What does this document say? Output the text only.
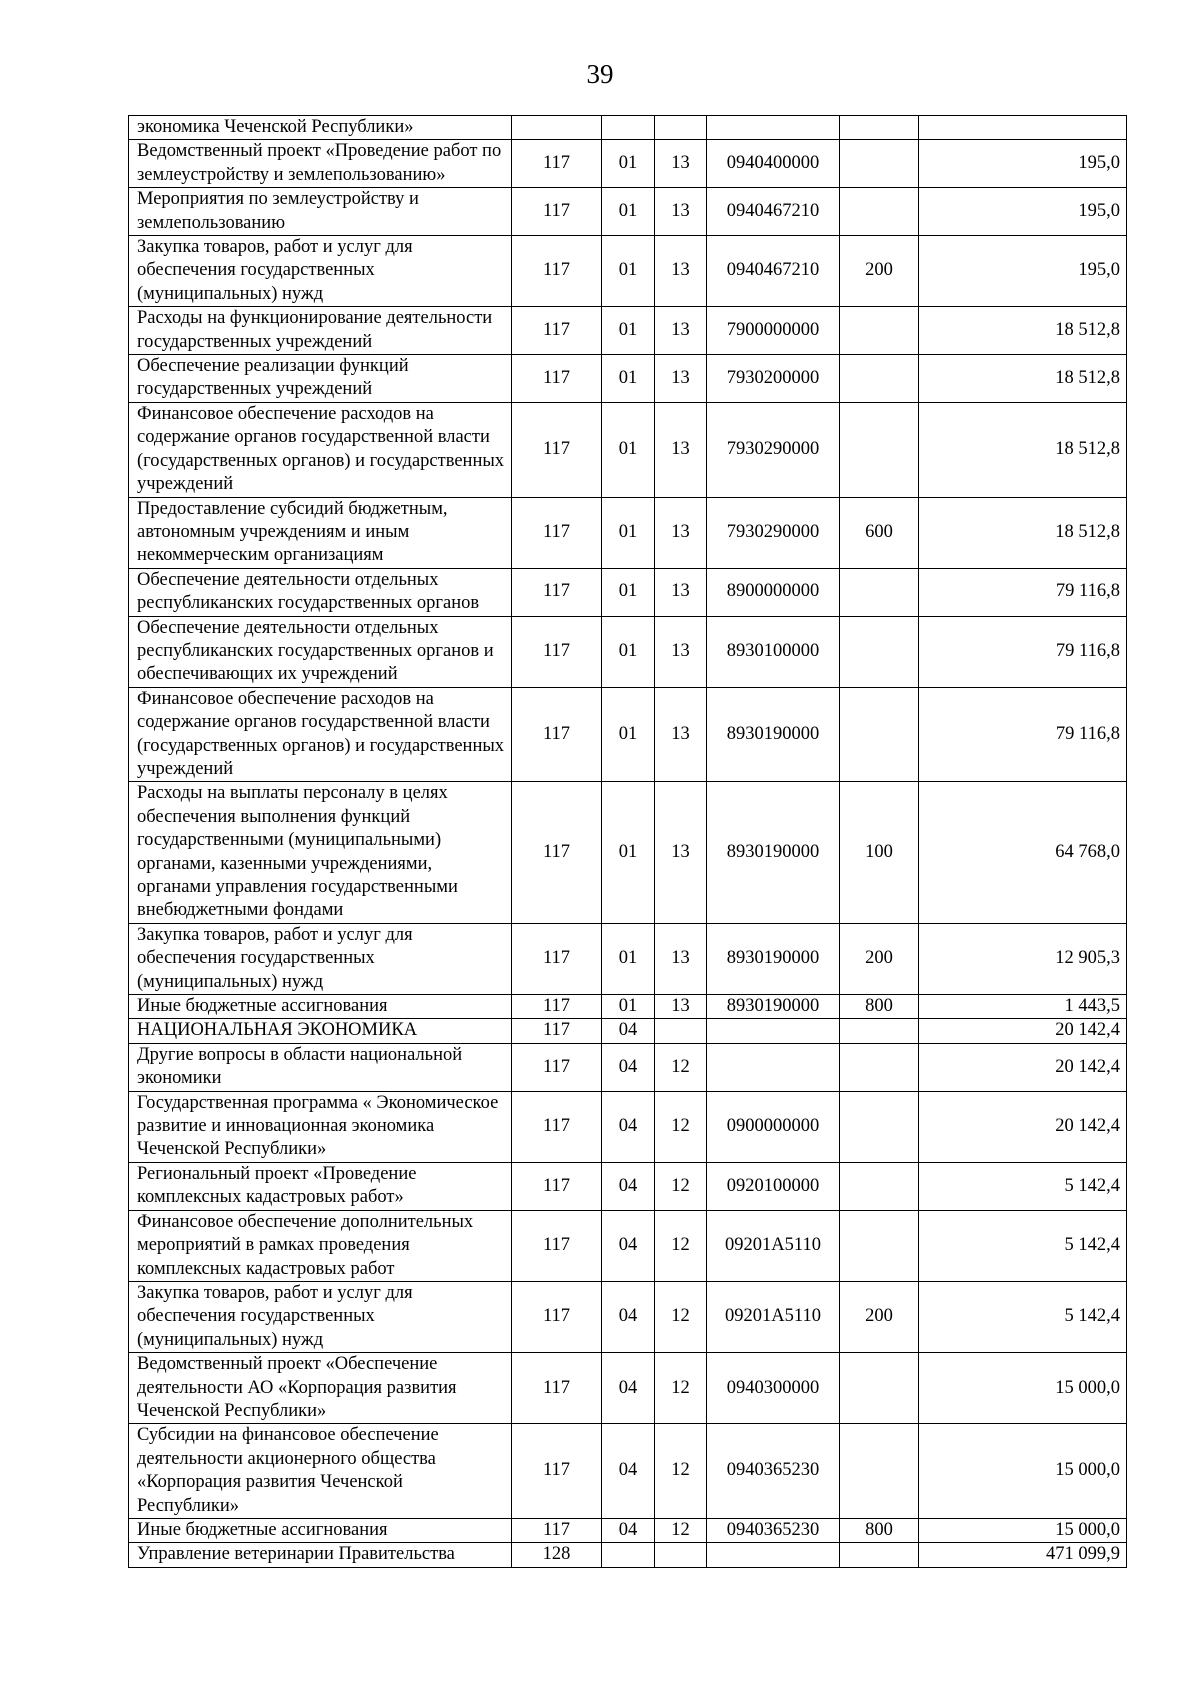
39
экономика Чеченской Республики»						
Ведомственный проект «Проведение работ по землеустройству и землепользованию»	117	01	13	0940400000		195,0
Мероприятия по землеустройству и землепользованию	117	01	13	0940467210		195,0
Закупка товаров, работ и услуг для обеспечения государственных (муниципальных) нужд	117	01	13	0940467210	200	195,0
Расходы на функционирование деятельности государственных учреждений	117	01	13	7900000000		18 512,8
Обеспечение реализации функций государственных учреждений	117	01	13	7930200000		18 512,8
Финансовое обеспечение расходов на содержание органов государственной власти (государственных органов) и государственных учреждений	117	01	13	7930290000		18 512,8
Предоставление субсидий бюджетным, автономным учреждениям и иным некоммерческим организациям	117	01	13	7930290000	600	18 512,8
Обеспечение деятельности отдельных республиканских государственных органов	117	01	13	8900000000		79 116,8
Обеспечение деятельности отдельных республиканских государственных органов и обеспечивающих их учреждений	117	01	13	8930100000		79 116,8
Финансовое обеспечение расходов на содержание органов государственной власти (государственных органов) и государственных учреждений	117	01	13	8930190000		79 116,8
Расходы на выплаты персоналу в целях обеспечения выполнения функций государственными (муниципальными) органами, казенными учреждениями, органами управления государственными внебюджетными фондами	117	01	13	8930190000	100	64 768,0
Закупка товаров, работ и услуг для обеспечения государственных (муниципальных) нужд	117	01	13	8930190000	200	12 905,3
Иные бюджетные ассигнования	117	01	13	8930190000	800	1 443,5
НАЦИОНАЛЬНАЯ ЭКОНОМИКА	117	04				20 142,4
Другие вопросы в области национальной экономики	117	04	12			20 142,4
Государственная программа « Экономическое развитие и инновационная экономика Чеченской Республики»	117	04	12	0900000000		20 142,4
Региональный проект «Проведение комплексных кадастровых работ»	117	04	12	0920100000		5 142,4
Финансовое обеспечение дополнительных мероприятий в рамках проведения комплексных кадастровых работ	117	04	12	09201A5110		5 142,4
Закупка товаров, работ и услуг для обеспечения государственных (муниципальных) нужд	117	04	12	09201A5110	200	5 142,4
Ведомственный проект «Обеспечение деятельности АО «Корпорация развития Чеченской Республики»	117	04	12	0940300000		15 000,0
Субсидии на финансовое обеспечение деятельности акционерного общества «Корпорация развития Чеченской Республики»	117	04	12	0940365230		15 000,0
Иные бюджетные ассигнования	117	04	12	0940365230	800	15 000,0
Управление ветеринарии Правительства	128					471 099,9
